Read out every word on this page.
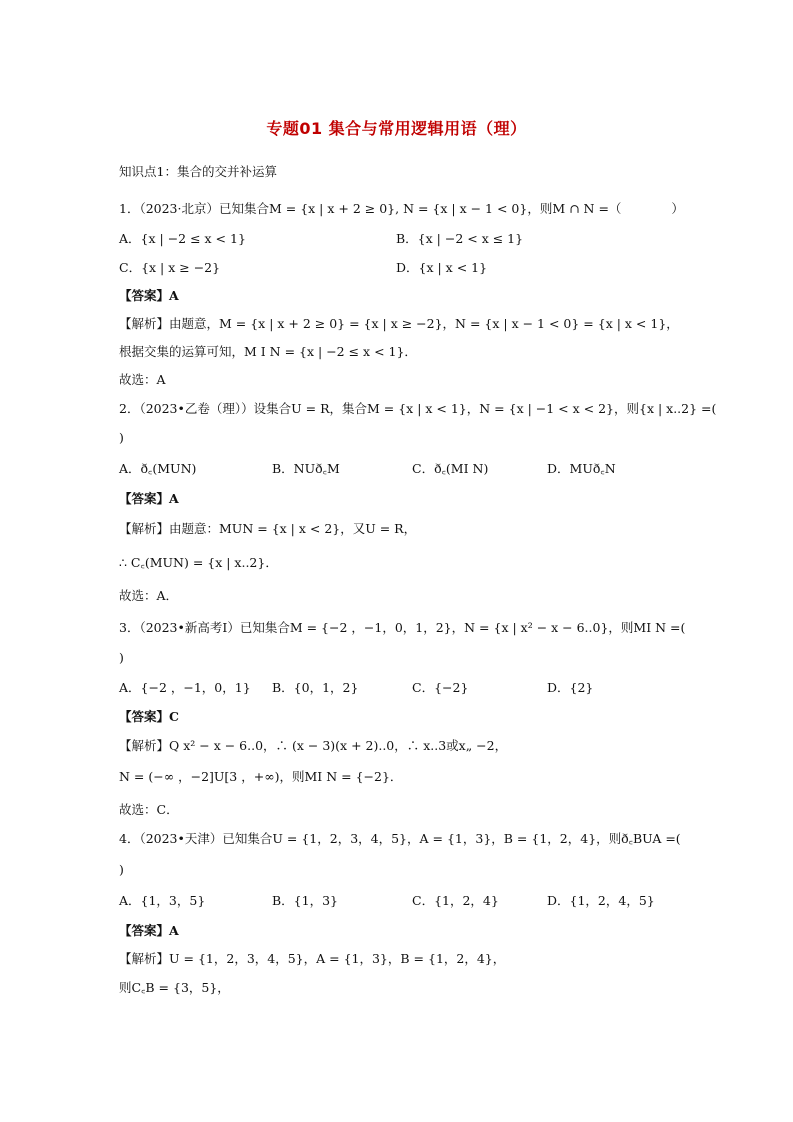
专题01 集合与常用逻辑用语（理）
知识点1：集合的交并补运算
1．（2023·北京）已知集合M = {x | x + 2 ≥ 0}, N = {x | x − 1 < 0}，则M ∩ N =（　　　　）
A．{x | −2 ≤ x < 1}	B．{x | −2 < x ≤ 1}
C．{x | x ≥ −2}	D．{x | x < 1}
【答案】A
【解析】由题意，M = {x | x + 2 ≥ 0} = {x | x ≥ −2}，N = {x | x − 1 < 0} = {x | x < 1}，
根据交集的运算可知，M I N = {x | −2 ≤ x < 1}．
故选：A
2．（2023•乙卷（理））设集合U = R，集合M = {x | x < 1}，N = {x | −1 < x < 2}，则{x | x..2} =(
)
A．ð꜀(MUN)	B．NUð꜀M	C．ð꜀(MI N)	D．MUð꜀N
【答案】A
【解析】由题意：MUN = {x | x < 2}，又U = R，
∴ C꜀(MUN) = {x | x..2}．
故选：A．
3．（2023•新高考Ⅰ）已知集合M = {−2 ，−1，0，1，2}，N = {x | x² − x − 6..0}，则MI N =(
)
A．{−2 ，−1，0，1} B．{0，1，2}	C．{−2}	D．{2}
【答案】C
【解析】Q x² − x − 6..0，∴ (x − 3)(x + 2)..0，∴ x..3或x„ −2，
N = (−∞ ，−2]U[3 ，+∞)，则MI N = {−2}．
故选：C．
4．（2023•天津）已知集合U = {1，2，3，4，5}，A = {1，3}，B = {1，2，4}，则ð꜀BUA =(
)
A．{1，3，5}	B．{1，3}	C．{1，2，4}	D．{1，2，4，5}
【答案】A
【解析】U = {1，2，3，4，5}，A = {1，3}，B = {1，2，4}，
则C꜀B = {3，5}，
